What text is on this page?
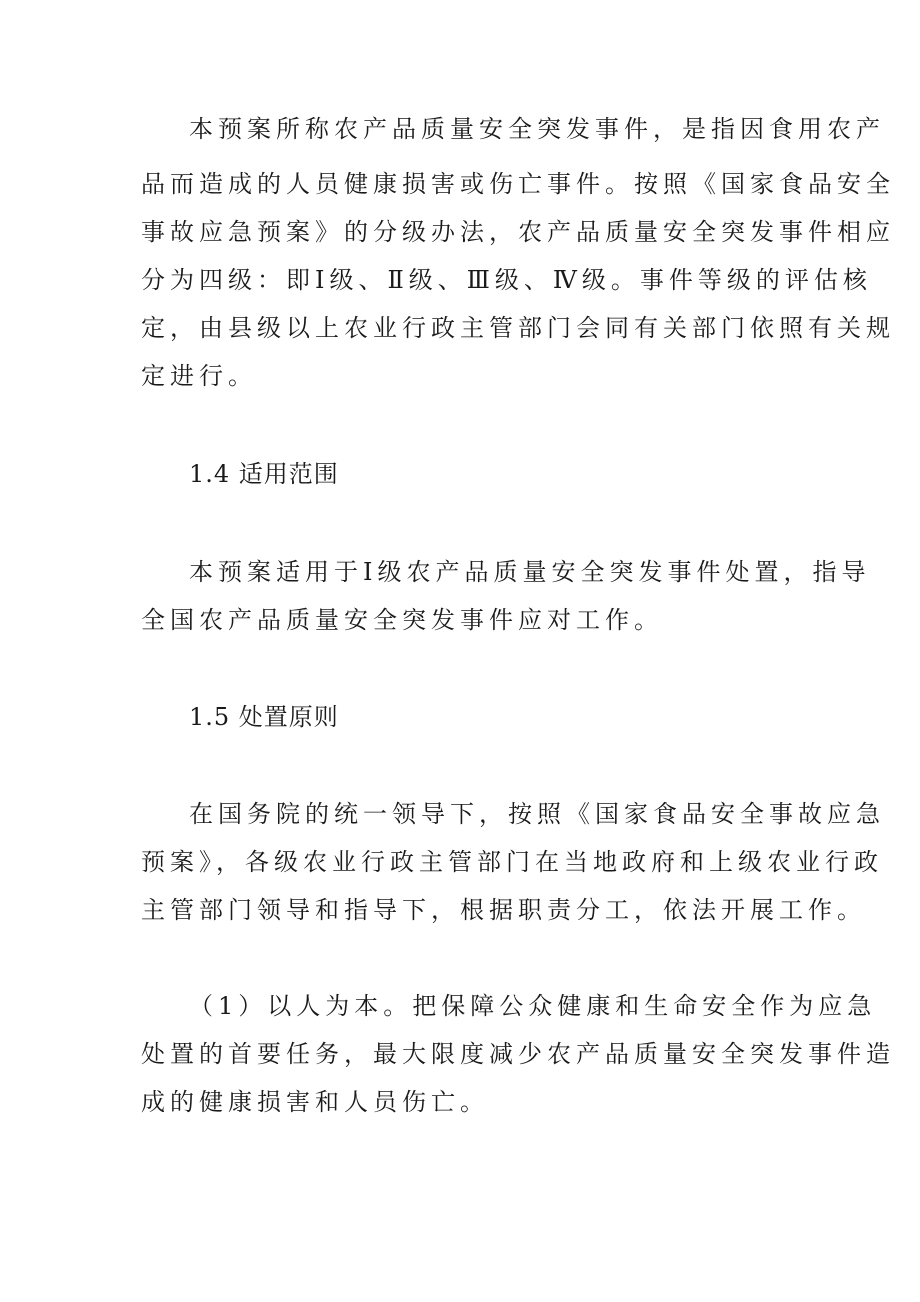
本预案所称农产品质量安全突发事件，是指因食用农产
品而造成的人员健康损害或伤亡事件。按照《国家食品安全
事故应急预案》的分级办法，农产品质量安全突发事件相应
分为四级：即Ⅰ级、Ⅱ级、Ⅲ级、Ⅳ级。事件等级的评估核
定，由县级以上农业行政主管部门会同有关部门依照有关规
定进行。
1.4 适用范围
本预案适用于Ⅰ级农产品质量安全突发事件处置，指导
全国农产品质量安全突发事件应对工作。
1.5 处置原则
在国务院的统一领导下，按照《国家食品安全事故应急
预案》，各级农业行政主管部门在当地政府和上级农业行政
主管部门领导和指导下，根据职责分工，依法开展工作。
（1）以人为本。把保障公众健康和生命安全作为应急
处置的首要任务，最大限度减少农产品质量安全突发事件造
成的健康损害和人员伤亡。
